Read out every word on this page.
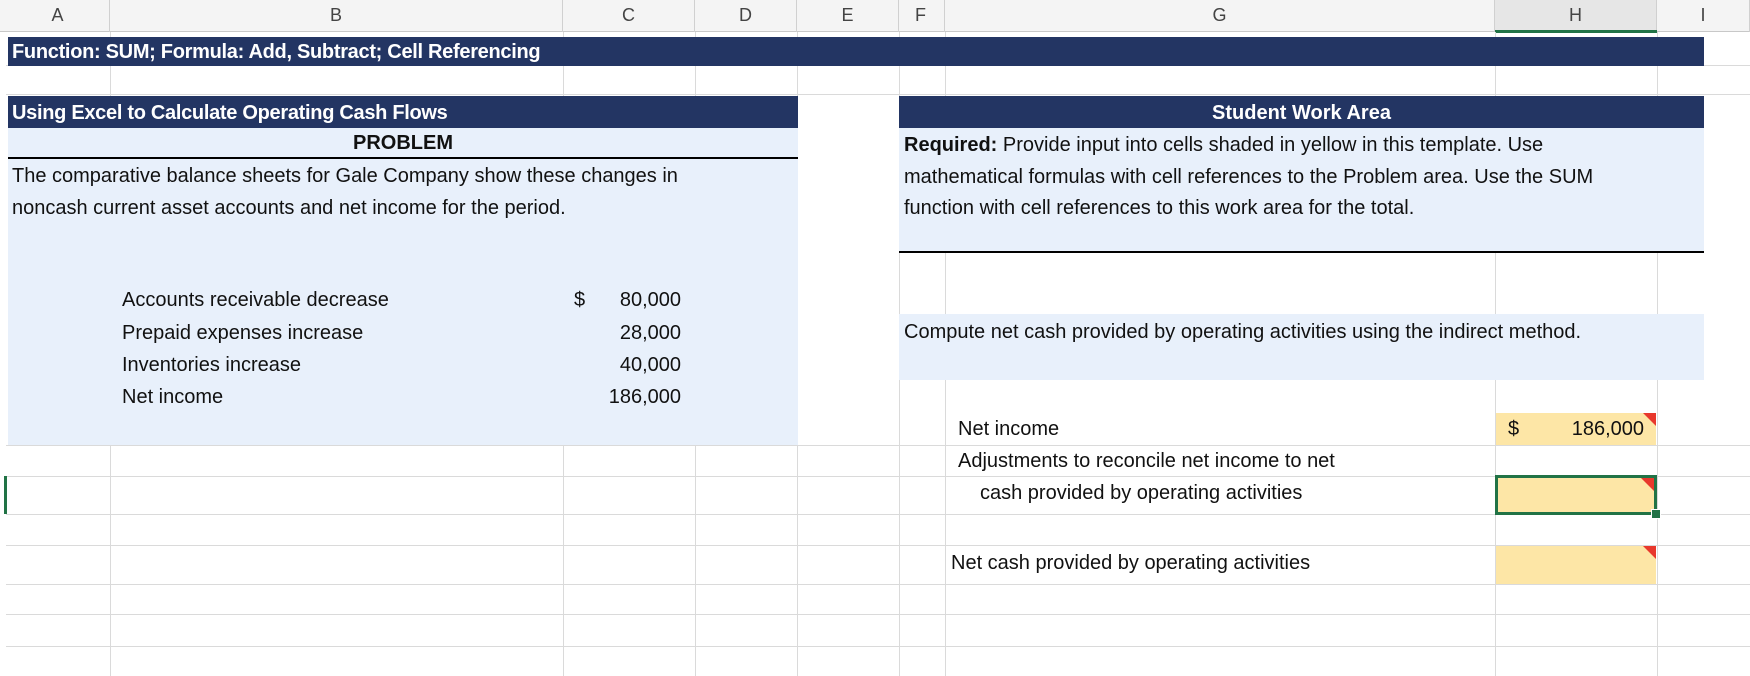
A	B	C	D	E	F	G	H	I
Function: SUM; Formula: Add, Subtract; Cell Referencing
Using Excel to Calculate Operating Cash Flows
PROBLEM
The comparative balance sheets for Gale Company show these changes in
noncash current asset accounts and net income for the period.
Accounts receivable decrease	$	80,000
Prepaid expenses increase	28,000
Inventories increase	40,000
Net income	186,000
Student Work Area
Required: Provide input into cells shaded in yellow in this template. Use
mathematical formulas with cell references to the Problem area. Use the SUM
function with cell references to this work area for the total.
Compute net cash provided by operating activities using the indirect method.
Net income	$	186,000
Adjustments to reconcile net income to net
cash provided by operating activities
Net cash provided by operating activities
